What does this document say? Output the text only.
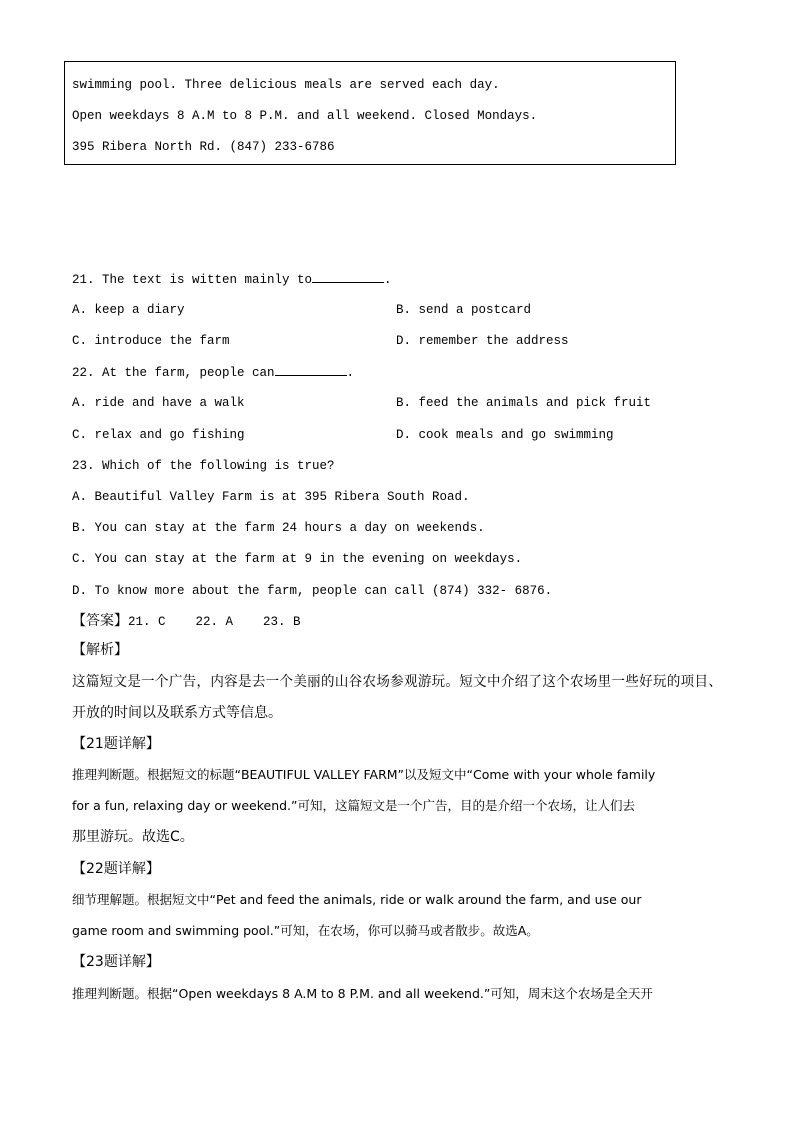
swimming pool. Three delicious meals are served each day.
Open weekdays 8 A.M to 8 P.M. and all weekend. Closed Mondays.
395 Ribera North Rd. (847) 233-6786
21. The text is witten mainly to	.
A. keep a diary	B. send a postcard
C. introduce the farm	D. remember the address
22. At the farm, people can	.
A. ride and have a walk	B. feed the animals and pick fruit
C. relax and go fishing	D. cook meals and go swimming
23. Which of the following is true?
A. Beautiful Valley Farm is at 395 Ribera South Road.
B. You can stay at the farm 24 hours a day on weekends.
C. You can stay at the farm at 9 in the evening on weekdays.
D. To know more about the farm, people can call (874) 332- 6876.
【答案】21. C    22. A    23. B
【解析】
这篇短文是一个广告，内容是去一个美丽的山谷农场参观游玩。短文中介绍了这个农场里一些好玩的项目、
开放的时间以及联系方式等信息。
【21题详解】
推理判断题。根据短文的标题“BEAUTIFUL VALLEY FARM”以及短文中“Come with your whole family
for a fun, relaxing day or weekend.”可知，这篇短文是一个广告，目的是介绍一个农场，让人们去
那里游玩。故选C。
【22题详解】
细节理解题。根据短文中“Pet and feed the animals, ride or walk around the farm, and use our
game room and swimming pool.”可知，在农场，你可以骑马或者散步。故选A。
【23题详解】
推理判断题。根据“Open weekdays 8 A.M to 8 P.M. and all weekend.”可知，周末这个农场是全天开
